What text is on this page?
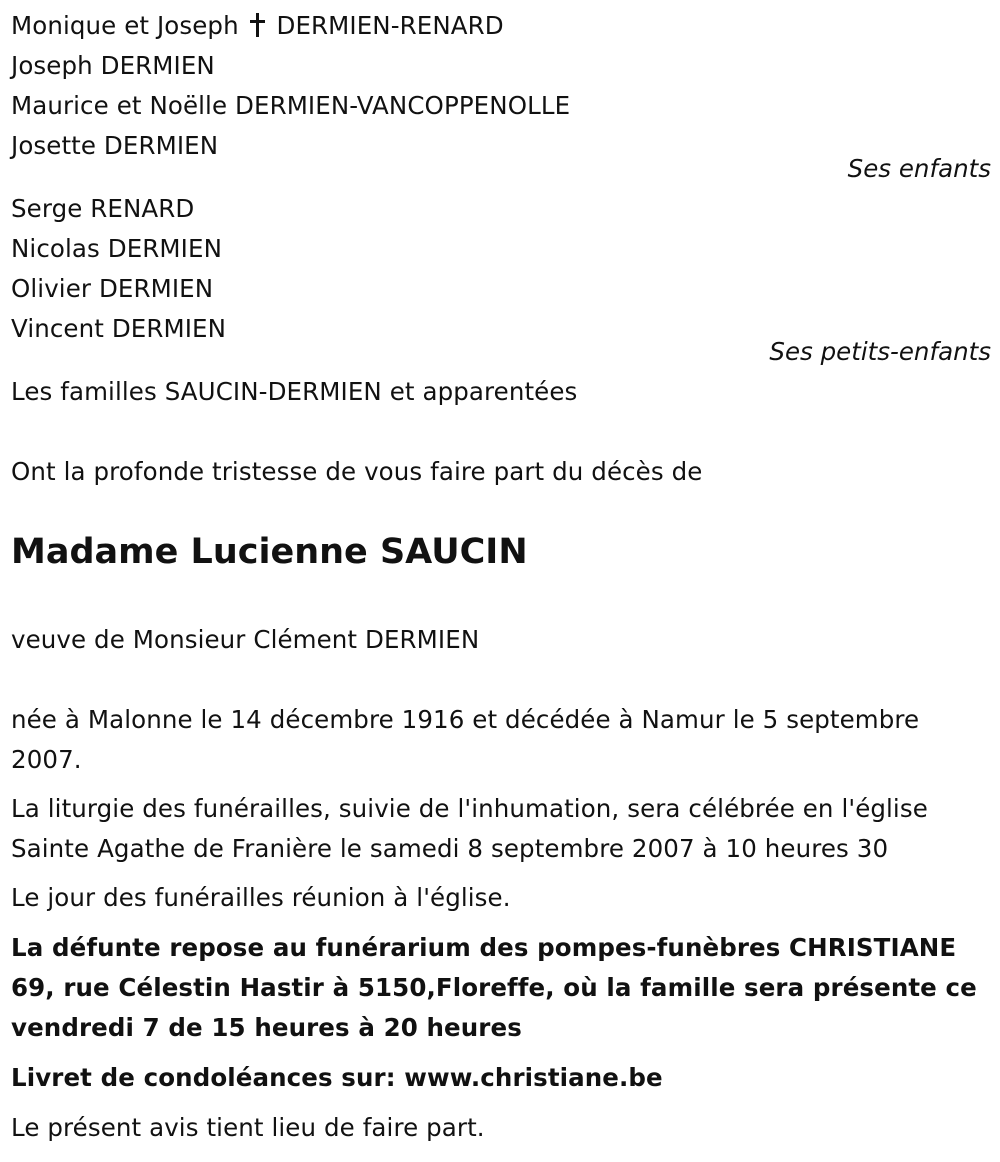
Monique et Joseph DERMIEN-RENARD
Joseph DERMIEN
Maurice et Noëlle DERMIEN-VANCOPPENOLLE
Josette DERMIEN
Ses enfants
Serge RENARD
Nicolas DERMIEN
Olivier DERMIEN
Vincent DERMIEN
Ses petits-enfants
Les familles SAUCIN-DERMIEN et apparentées
Ont la profonde tristesse de vous faire part du décès de
Madame Lucienne SAUCIN
veuve de Monsieur Clément DERMIEN
née à Malonne le 14 décembre 1916 et décédée à Namur le 5 septembre
2007.
La liturgie des funérailles, suivie de l'inhumation, sera célébrée en l'église
Sainte Agathe de Franière le samedi 8 septembre 2007 à 10 heures 30
Le jour des funérailles réunion à l'église.
La défunte repose au funérarium des pompes-funèbres CHRISTIANE
69, rue Célestin Hastir à 5150,Floreffe, où la famille sera présente ce
vendredi 7 de 15 heures à 20 heures
Livret de condoléances sur: www.christiane.be
Le présent avis tient lieu de faire part.
